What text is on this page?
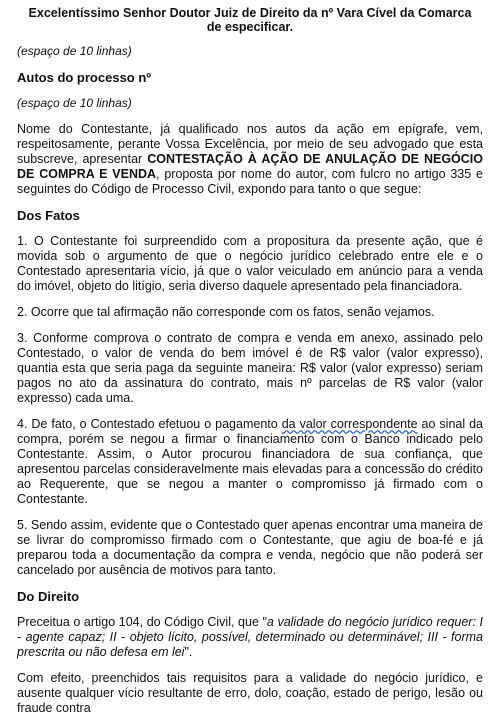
Excelentíssimo Senhor Doutor Juiz de Direito da nº Vara Cível da Comarca
de especificar.

(espaço de 10 linhas)

Autos do processo nº

(espaço de 10 linhas)

Nome do Contestante, já qualificado nos autos da ação em epígrafe, vem, respeitosamente, perante Vossa Excelência, por meio de seu advogado que esta subscreve, apresentar CONTESTAÇÃO À AÇÃO DE ANULAÇÃO DE NEGÓCIO DE COMPRA E VENDA, proposta por nome do autor, com fulcro no artigo 335 e seguintes do Código de Processo Civil, expondo para tanto o que segue:

Dos Fatos

1. O Contestante foi surpreendido com a propositura da presente ação, que é movida sob o argumento de que o negócio jurídico celebrado entre ele e o Contestado apresentaria vício, já que o valor veiculado em anúncio para a venda do imóvel, objeto do litígio, seria diverso daquele apresentado pela financiadora.

2. Ocorre que tal afirmação não corresponde com os fatos, senão vejamos.

3. Conforme comprova o contrato de compra e venda em anexo, assinado pelo Contestado, o valor de venda do bem imóvel é de R$ valor (valor expresso), quantia esta que seria paga da seguinte maneira: R$ valor (valor expresso) seriam pagos no ato da assinatura do contrato, mais nº parcelas de R$ valor (valor expresso) cada uma.

4. De fato, o Contestado efetuou o pagamento da valor correspondente ao sinal da compra, porém se negou a firmar o financiamento com o Banco indicado pelo Contestante. Assim, o Autor procurou financiadora de sua confiança, que apresentou parcelas consideravelmente mais elevadas para a concessão do crédito ao Requerente, que se negou a manter o compromisso já firmado com o Contestante.

5. Sendo assim, evidente que o Contestado quer apenas encontrar uma maneira de se livrar do compromisso firmado com o Contestante, que agiu de boa-fé e já preparou toda a documentação da compra e venda, negócio que não poderá ser cancelado por ausência de motivos para tanto.

Do Direito

Preceitua o artigo 104, do Código Civil, que "a validade do negócio jurídico requer: I - agente capaz; II - objeto lícito, possível, determinado ou determinável; III - forma prescrita ou não defesa em lei".

Com efeito, preenchidos tais requisitos para a validade do negócio jurídico, e ausente qualquer vício resultante de erro, dolo, coação, estado de perigo, lesão ou fraude contra
